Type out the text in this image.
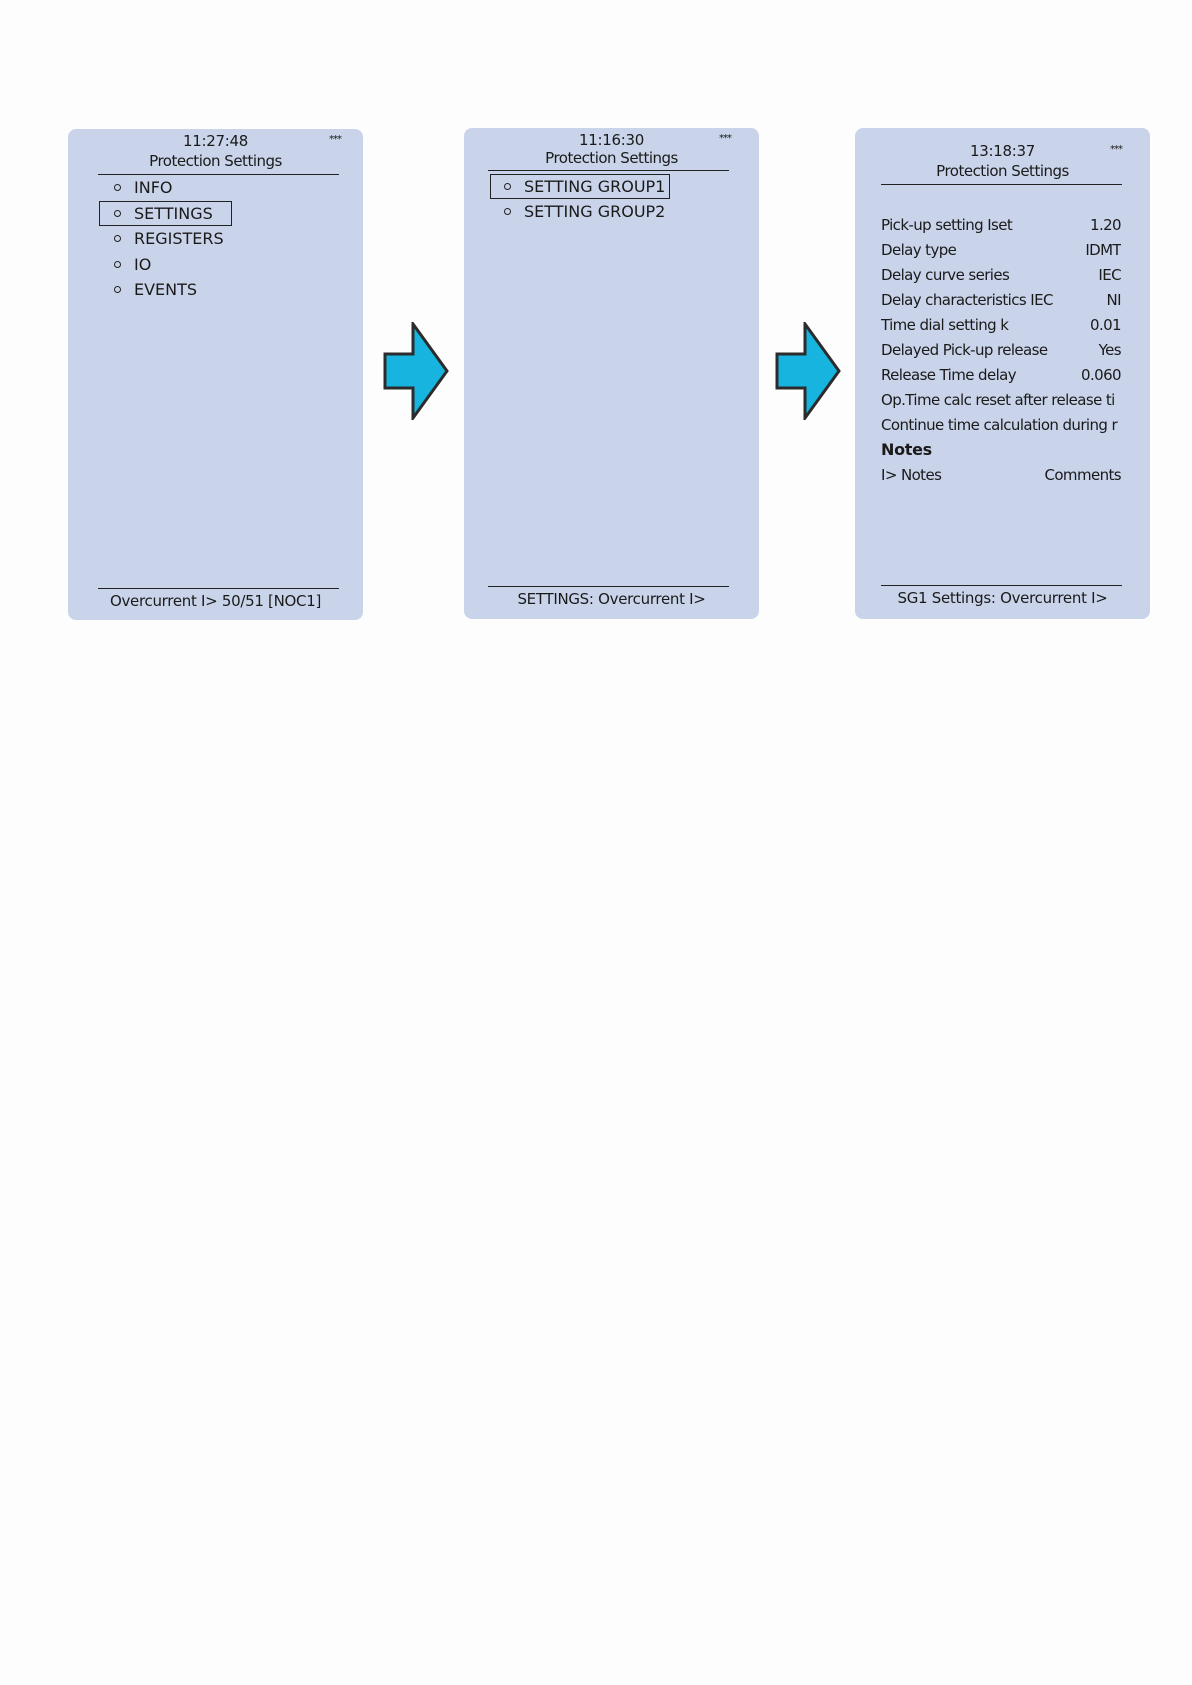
11:27:48	***
Protection Settings
INFO
SETTINGS
REGISTERS
IO
EVENTS
Overcurrent I> 50/51 [NOC1]
11:16:30	***
Protection Settings
SETTING GROUP1
SETTING GROUP2
SETTINGS: Overcurrent I>
13:18:37	***
Protection Settings
Pick-up setting Iset	1.20
Delay type	IDMT
Delay curve series	IEC
Delay characteristics IEC	NI
Time dial setting k	0.01
Delayed Pick-up release	Yes
Release Time delay	0.060
Op.Time calc reset after release ti
Continue time calculation during r
Notes
I> Notes	Comments
SG1 Settings: Overcurrent I>
